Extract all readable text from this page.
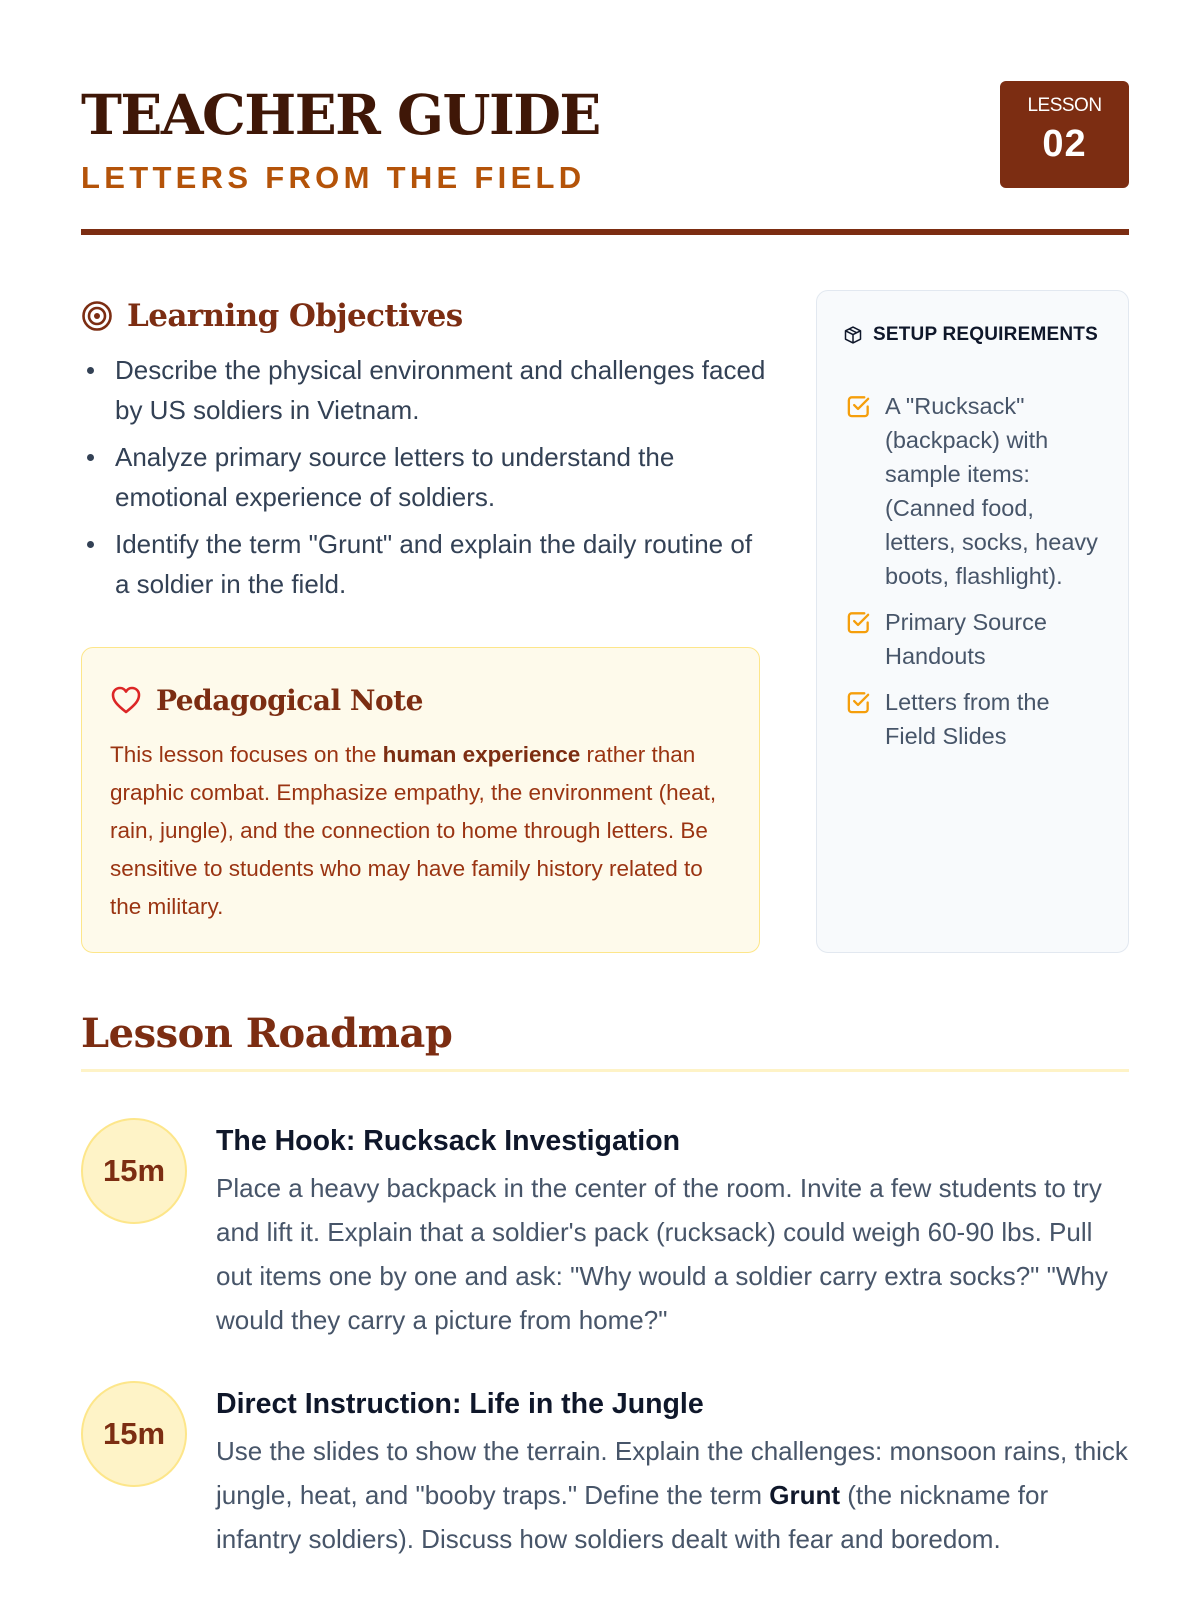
TEACHER GUIDE
LETTERS FROM THE FIELD
LESSON
02
Learning Objectives
Describe the physical environment and challenges faced by US soldiers in Vietnam.
Analyze primary source letters to understand the emotional experience of soldiers.
Identify the term "Grunt" and explain the daily routine of a soldier in the field.
Pedagogical Note

This lesson focuses on the human experience rather than graphic combat. Emphasize empathy, the environment (heat, rain, jungle), and the connection to home through letters. Be sensitive to students who may have family history related to the military.

SETUP REQUIREMENTS
A "Rucksack" (backpack) with sample items: (Canned food, letters, socks, heavy boots, flashlight).
Primary Source Handouts
Letters from the Field Slides
Lesson Roadmap
15m
The Hook: Rucksack Investigation

Place a heavy backpack in the center of the room. Invite a few students to try and lift it. Explain that a soldier's pack (rucksack) could weigh 60-90 lbs. Pull out items one by one and ask: "Why would a soldier carry extra socks?" "Why would they carry a picture from home?"

15m
Direct Instruction: Life in the Jungle

Use the slides to show the terrain. Explain the challenges: monsoon rains, thick jungle, heat, and "booby traps." Define the term Grunt (the nickname for infantry soldiers). Discuss how soldiers dealt with fear and boredom.
